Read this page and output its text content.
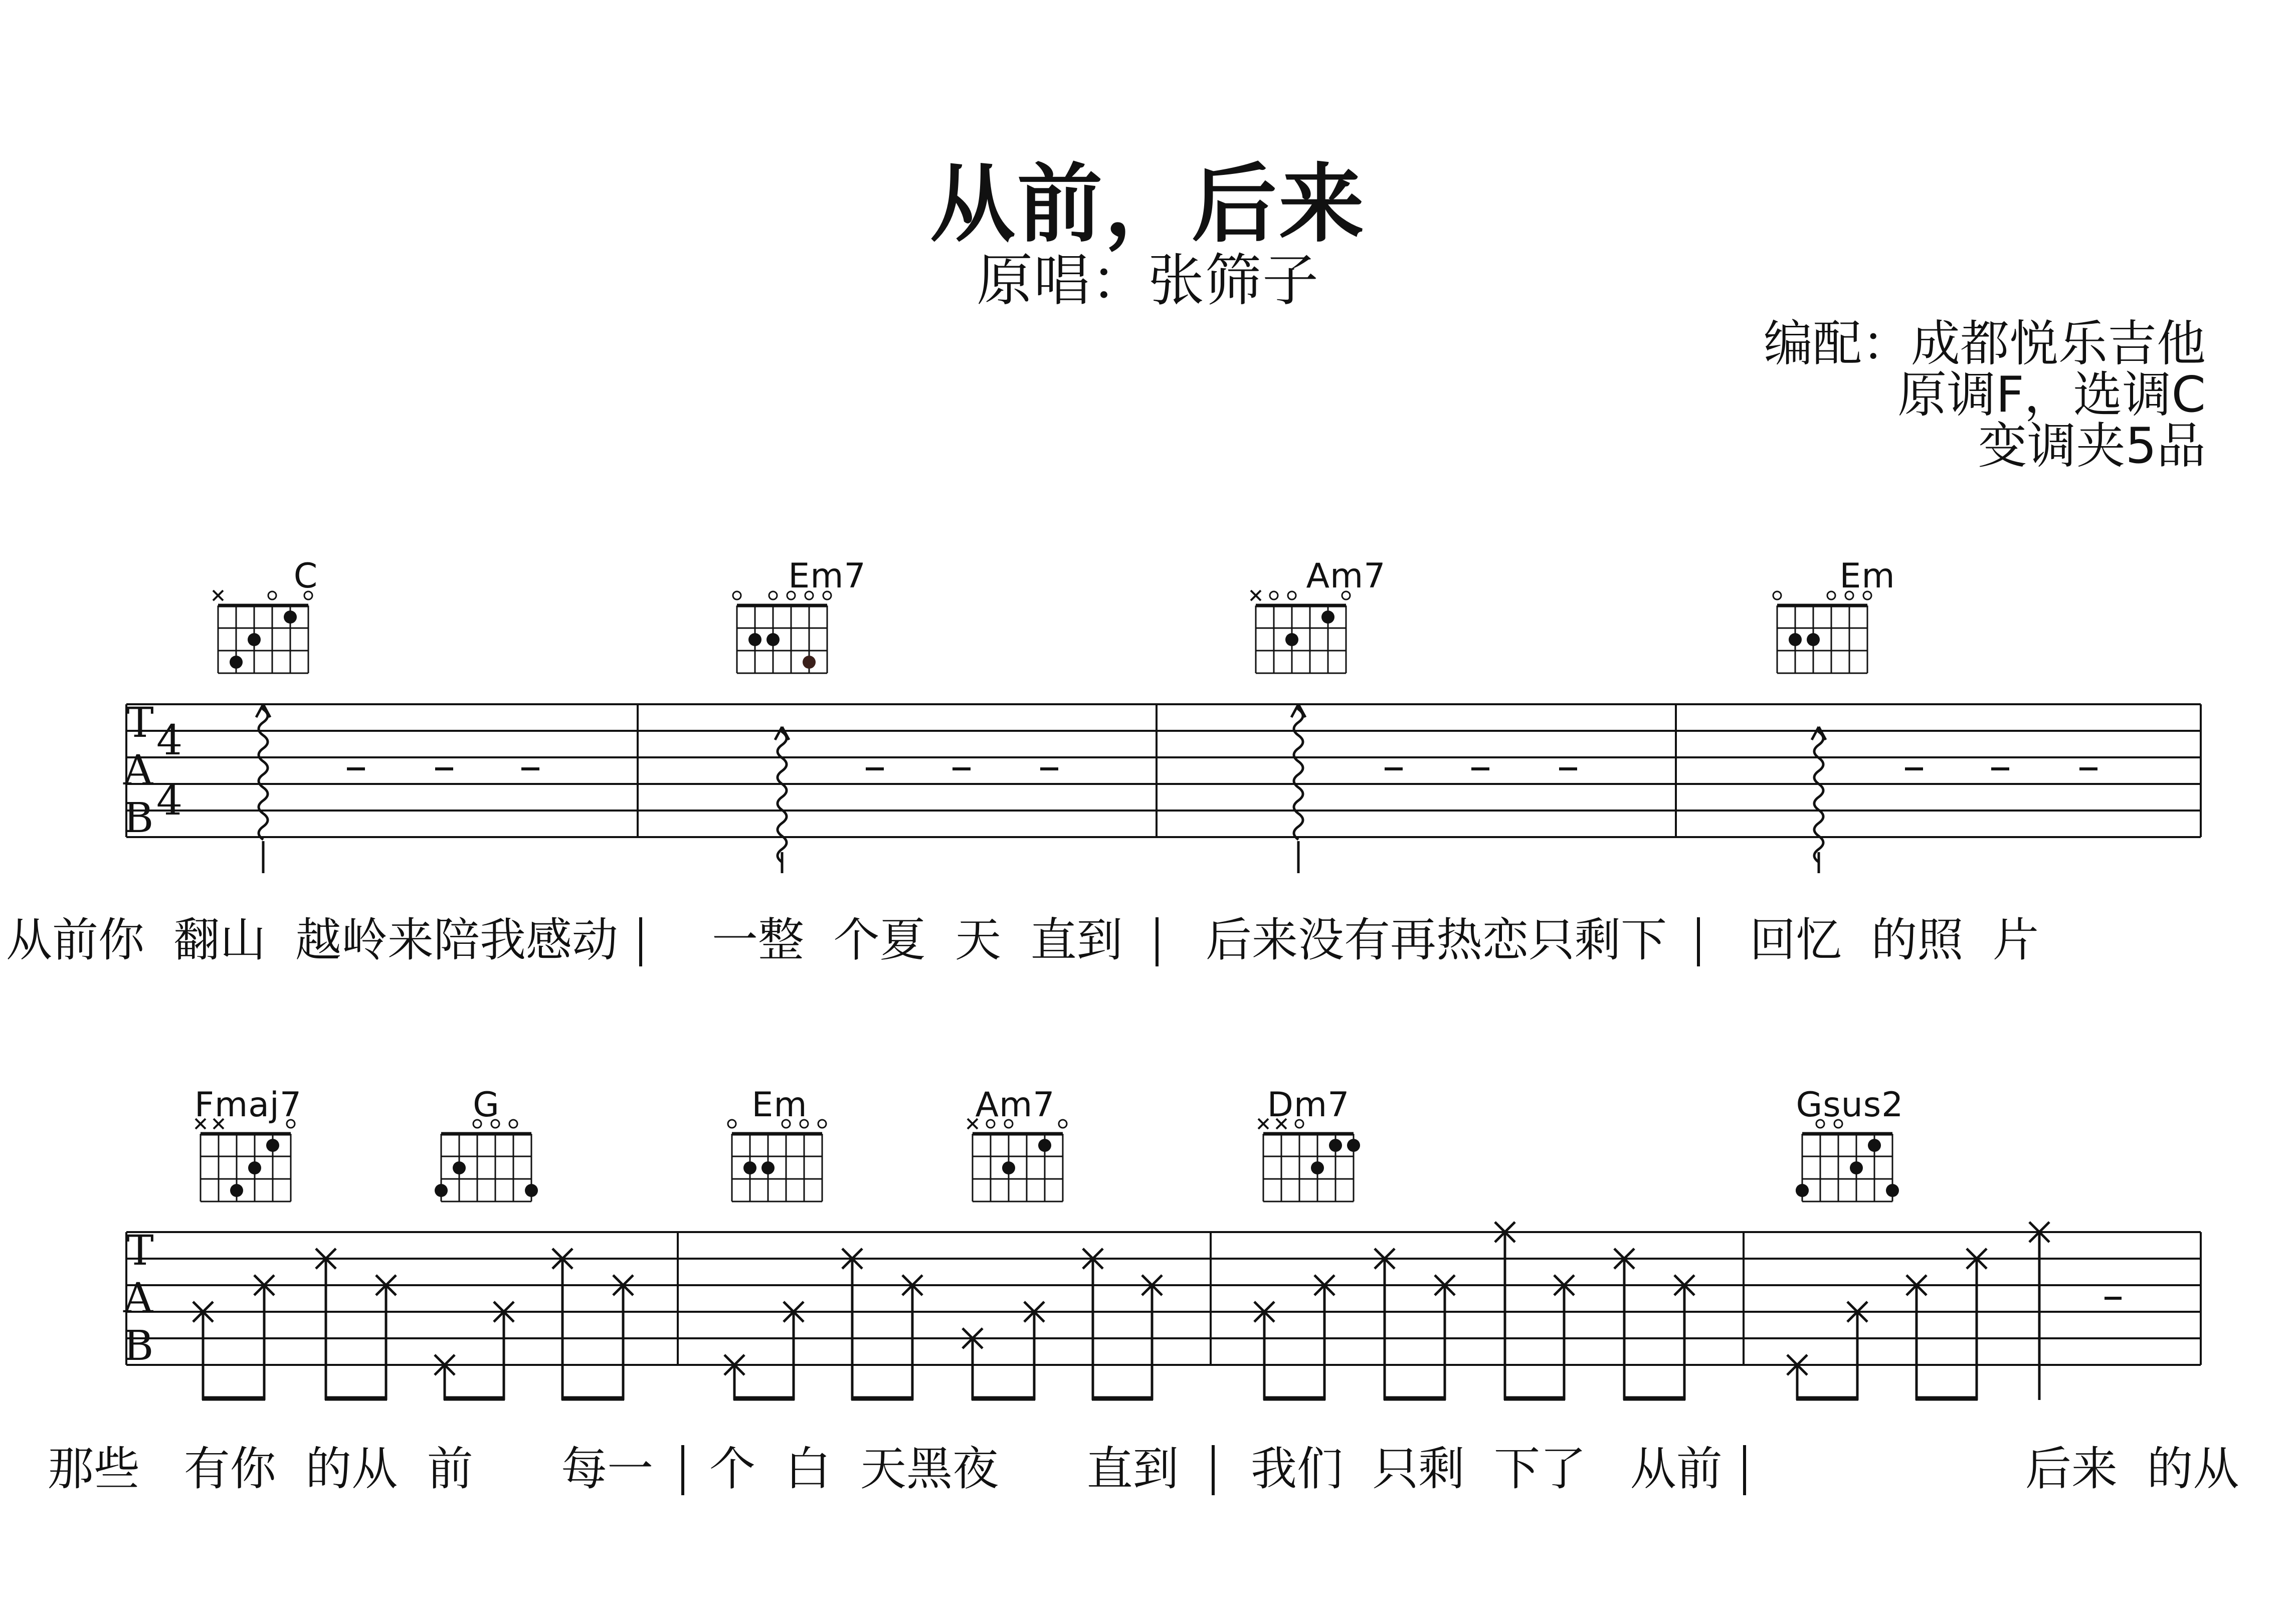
从前，后来
原唱：张筛子
编配：成都悦乐吉他
原调F，选调C
变调夹5品
C	Em7	Am7	Em
Fmaj7	G	Em	Am7	Dm7	Gsus2
从前你  翻山  越岭来陪我感动 一整  个夏  天  直到 后来没有再热恋只剩下 回忆  的照  片
那些   有你  的从  前      每一 个  白  天黑夜      直到 我们  只剩  下了   从前	后来  的从
T
A
B
4
4
T
A
B
